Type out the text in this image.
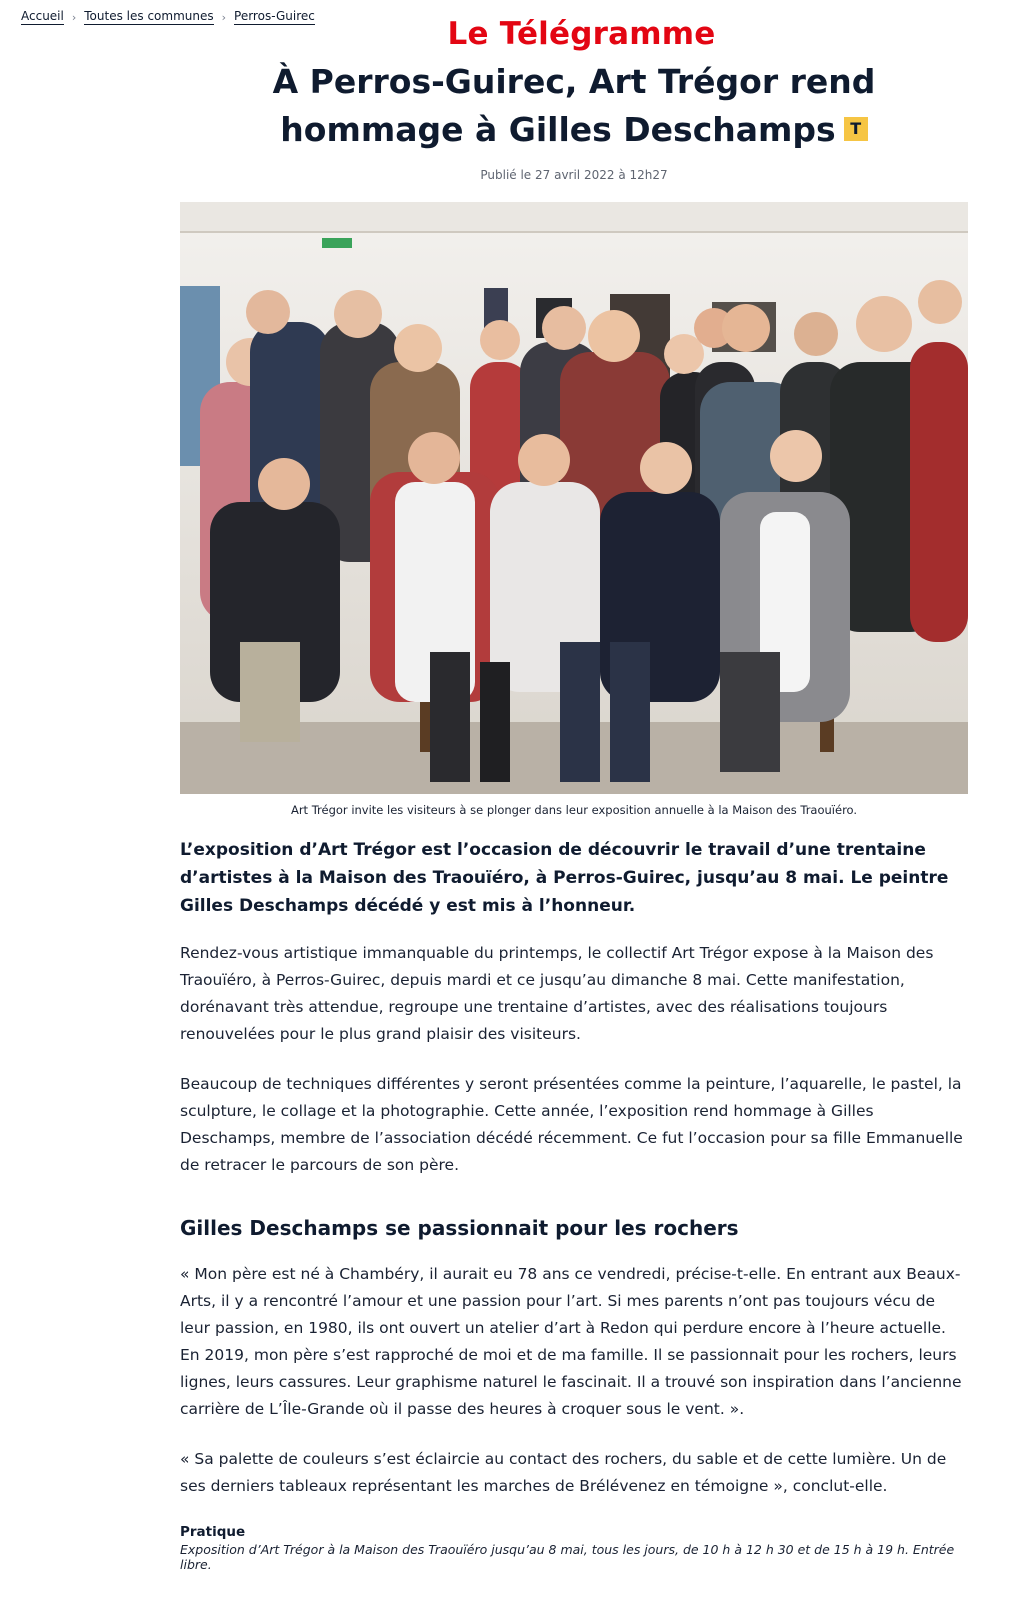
Accueil › Toutes les communes › Perros-Guirec	Le Télégramme
À Perros-Guirec, Art Trégor rend hommage à Gilles Deschamps T
Publié le 27 avril 2022 à 12h27
Art Trégor invite les visiteurs à se plonger dans leur exposition annuelle à la Maison des Traouïéro.

L’exposition d’Art Trégor est l’occasion de découvrir le travail d’une trentaine d’artistes à la Maison des Traouïéro, à Perros-Guirec, jusqu’au 8 mai. Le peintre Gilles Deschamps décédé y est mis à l’honneur.

Rendez-vous artistique immanquable du printemps, le collectif Art Trégor expose à la Maison des Traouïéro, à Perros-Guirec, depuis mardi et ce jusqu’au dimanche 8 mai. Cette manifestation, dorénavant très attendue, regroupe une trentaine d’artistes, avec des réalisations toujours renouvelées pour le plus grand plaisir des visiteurs.

Beaucoup de techniques différentes y seront présentées comme la peinture, l’aquarelle, le pastel, la sculpture, le collage et la photographie. Cette année, l’exposition rend hommage à Gilles Deschamps, membre de l’association décédé récemment. Ce fut l’occasion pour sa fille Emmanuelle de retracer le parcours de son père.

Gilles Deschamps se passionnait pour les rochers

« Mon père est né à Chambéry, il aurait eu 78 ans ce vendredi, précise-t-elle. En entrant aux Beaux-Arts, il y a rencontré l’amour et une passion pour l’art. Si mes parents n’ont pas toujours vécu de leur passion, en 1980, ils ont ouvert un atelier d’art à Redon qui perdure encore à l’heure actuelle. En 2019, mon père s’est rapproché de moi et de ma famille. Il se passionnait pour les rochers, leurs lignes, leurs cassures. Leur graphisme naturel le fascinait. Il a trouvé son inspiration dans l’ancienne carrière de L’Île-Grande où il passe des heures à croquer sous le vent. ».

« Sa palette de couleurs s’est éclaircie au contact des rochers, du sable et de cette lumière. Un de ses derniers tableaux représentant les marches de Brélévenez en témoigne », conclut-elle.

Pratique

Exposition d’Art Trégor à la Maison des Traouïéro jusqu’au 8 mai, tous les jours, de 10 h à 12 h 30 et de 15 h à 19 h. Entrée libre.
